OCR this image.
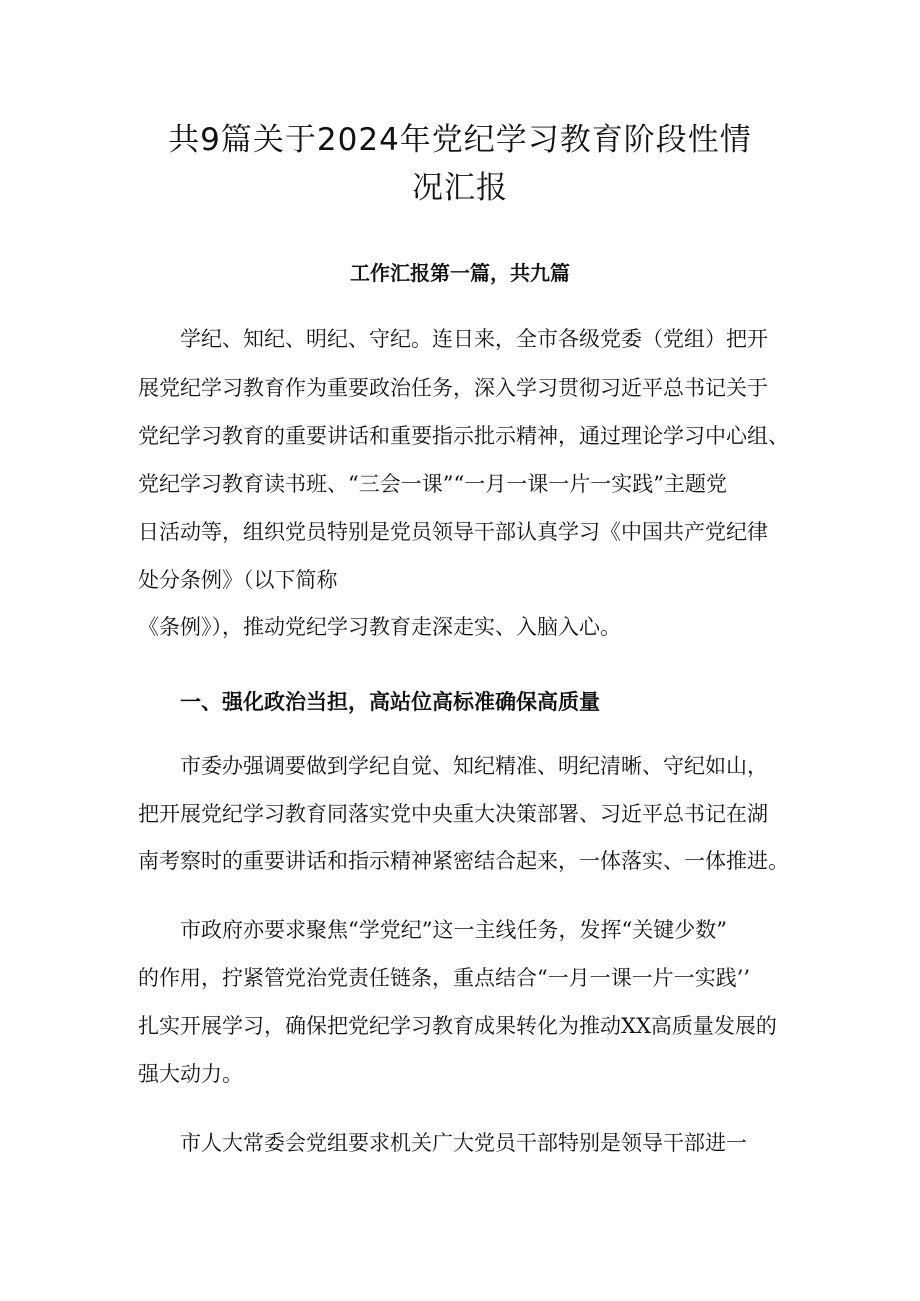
共9篇关于2024年党纪学习教育阶段性情
况汇报
工作汇报第一篇，共九篇

学纪、知纪、明纪、守纪。连日来，全市各级党委（党组）把开

展党纪学习教育作为重要政治任务，深入学习贯彻习近平总书记关于

党纪学习教育的重要讲话和重要指示批示精神，通过理论学习中心组、

党纪学习教育读书班、“三会一课”“一月一课一片一实践”主题党

日活动等，组织党员特别是党员领导干部认真学习《中国共产党纪律

处分条例》（以下简称

《条例》），推动党纪学习教育走深走实、入脑入心。

一、强化政治当担，高站位高标准确保高质量

市委办强调要做到学纪自觉、知纪精准、明纪清晰、守纪如山，

把开展党纪学习教育同落实党中央重大决策部署、习近平总书记在湖

南考察时的重要讲话和指示精神紧密结合起来，一体落实、一体推进。

市政府亦要求聚焦“学党纪”这一主线任务，发挥“关键少数”

的作用，拧紧管党治党责任链条，重点结合“一月一课一片一实践’’

扎实开展学习，确保把党纪学习教育成果转化为推动XX高质量发展的

强大动力。

市人大常委会党组要求机关广大党员干部特别是领导干部进一
